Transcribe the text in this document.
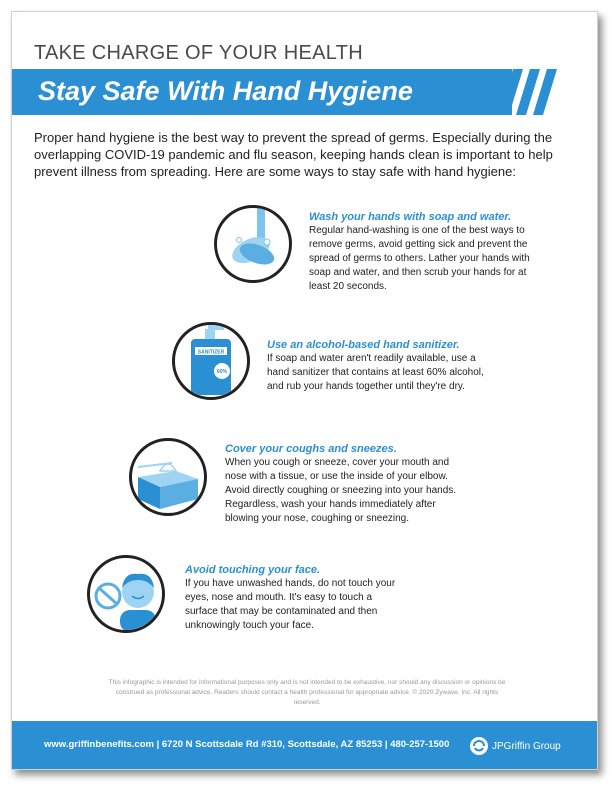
TAKE CHARGE OF YOUR HEALTH
Stay Safe With Hand Hygiene
Proper hand hygiene is the best way to prevent the spread of germs. Especially during the overlapping COVID-19 pandemic and flu season, keeping hands clean is important to help prevent illness from spreading. Here are some ways to stay safe with hand hygiene:
Wash your hands with soap and water.
Regular hand-washing is one of the best ways to remove germs, avoid getting sick and prevent the spread of germs to others. Lather your hands with soap and water, and then scrub your hands for at least 20 seconds.
SANITIZER
60%
Use an alcohol-based hand sanitizer.
If soap and water aren't readily available, use a hand sanitizer that contains at least 60% alcohol, and rub your hands together until they're dry.
Cover your coughs and sneezes.
When you cough or sneeze, cover your mouth and nose with a tissue, or use the inside of your elbow. Avoid directly coughing or sneezing into your hands. Regardless, wash your hands immediately after blowing your nose, coughing or sneezing.
Avoid touching your face.
If you have unwashed hands, do not touch your eyes, nose and mouth. It's easy to touch a surface that may be contaminated and then unknowingly touch your face.
This infographic is intended for informational purposes only and is not intended to be exhaustive, nor should any discussion or opinions be construed as professional advice. Readers should contact a health professional for appropriate advice. © 2020 Zywave, Inc. All rights reserved.
www.griffinbenefits.com | 6720 N Scottsdale Rd #310, Scottsdale, AZ 85253 | 480-257-1500	JPGriffin Group
